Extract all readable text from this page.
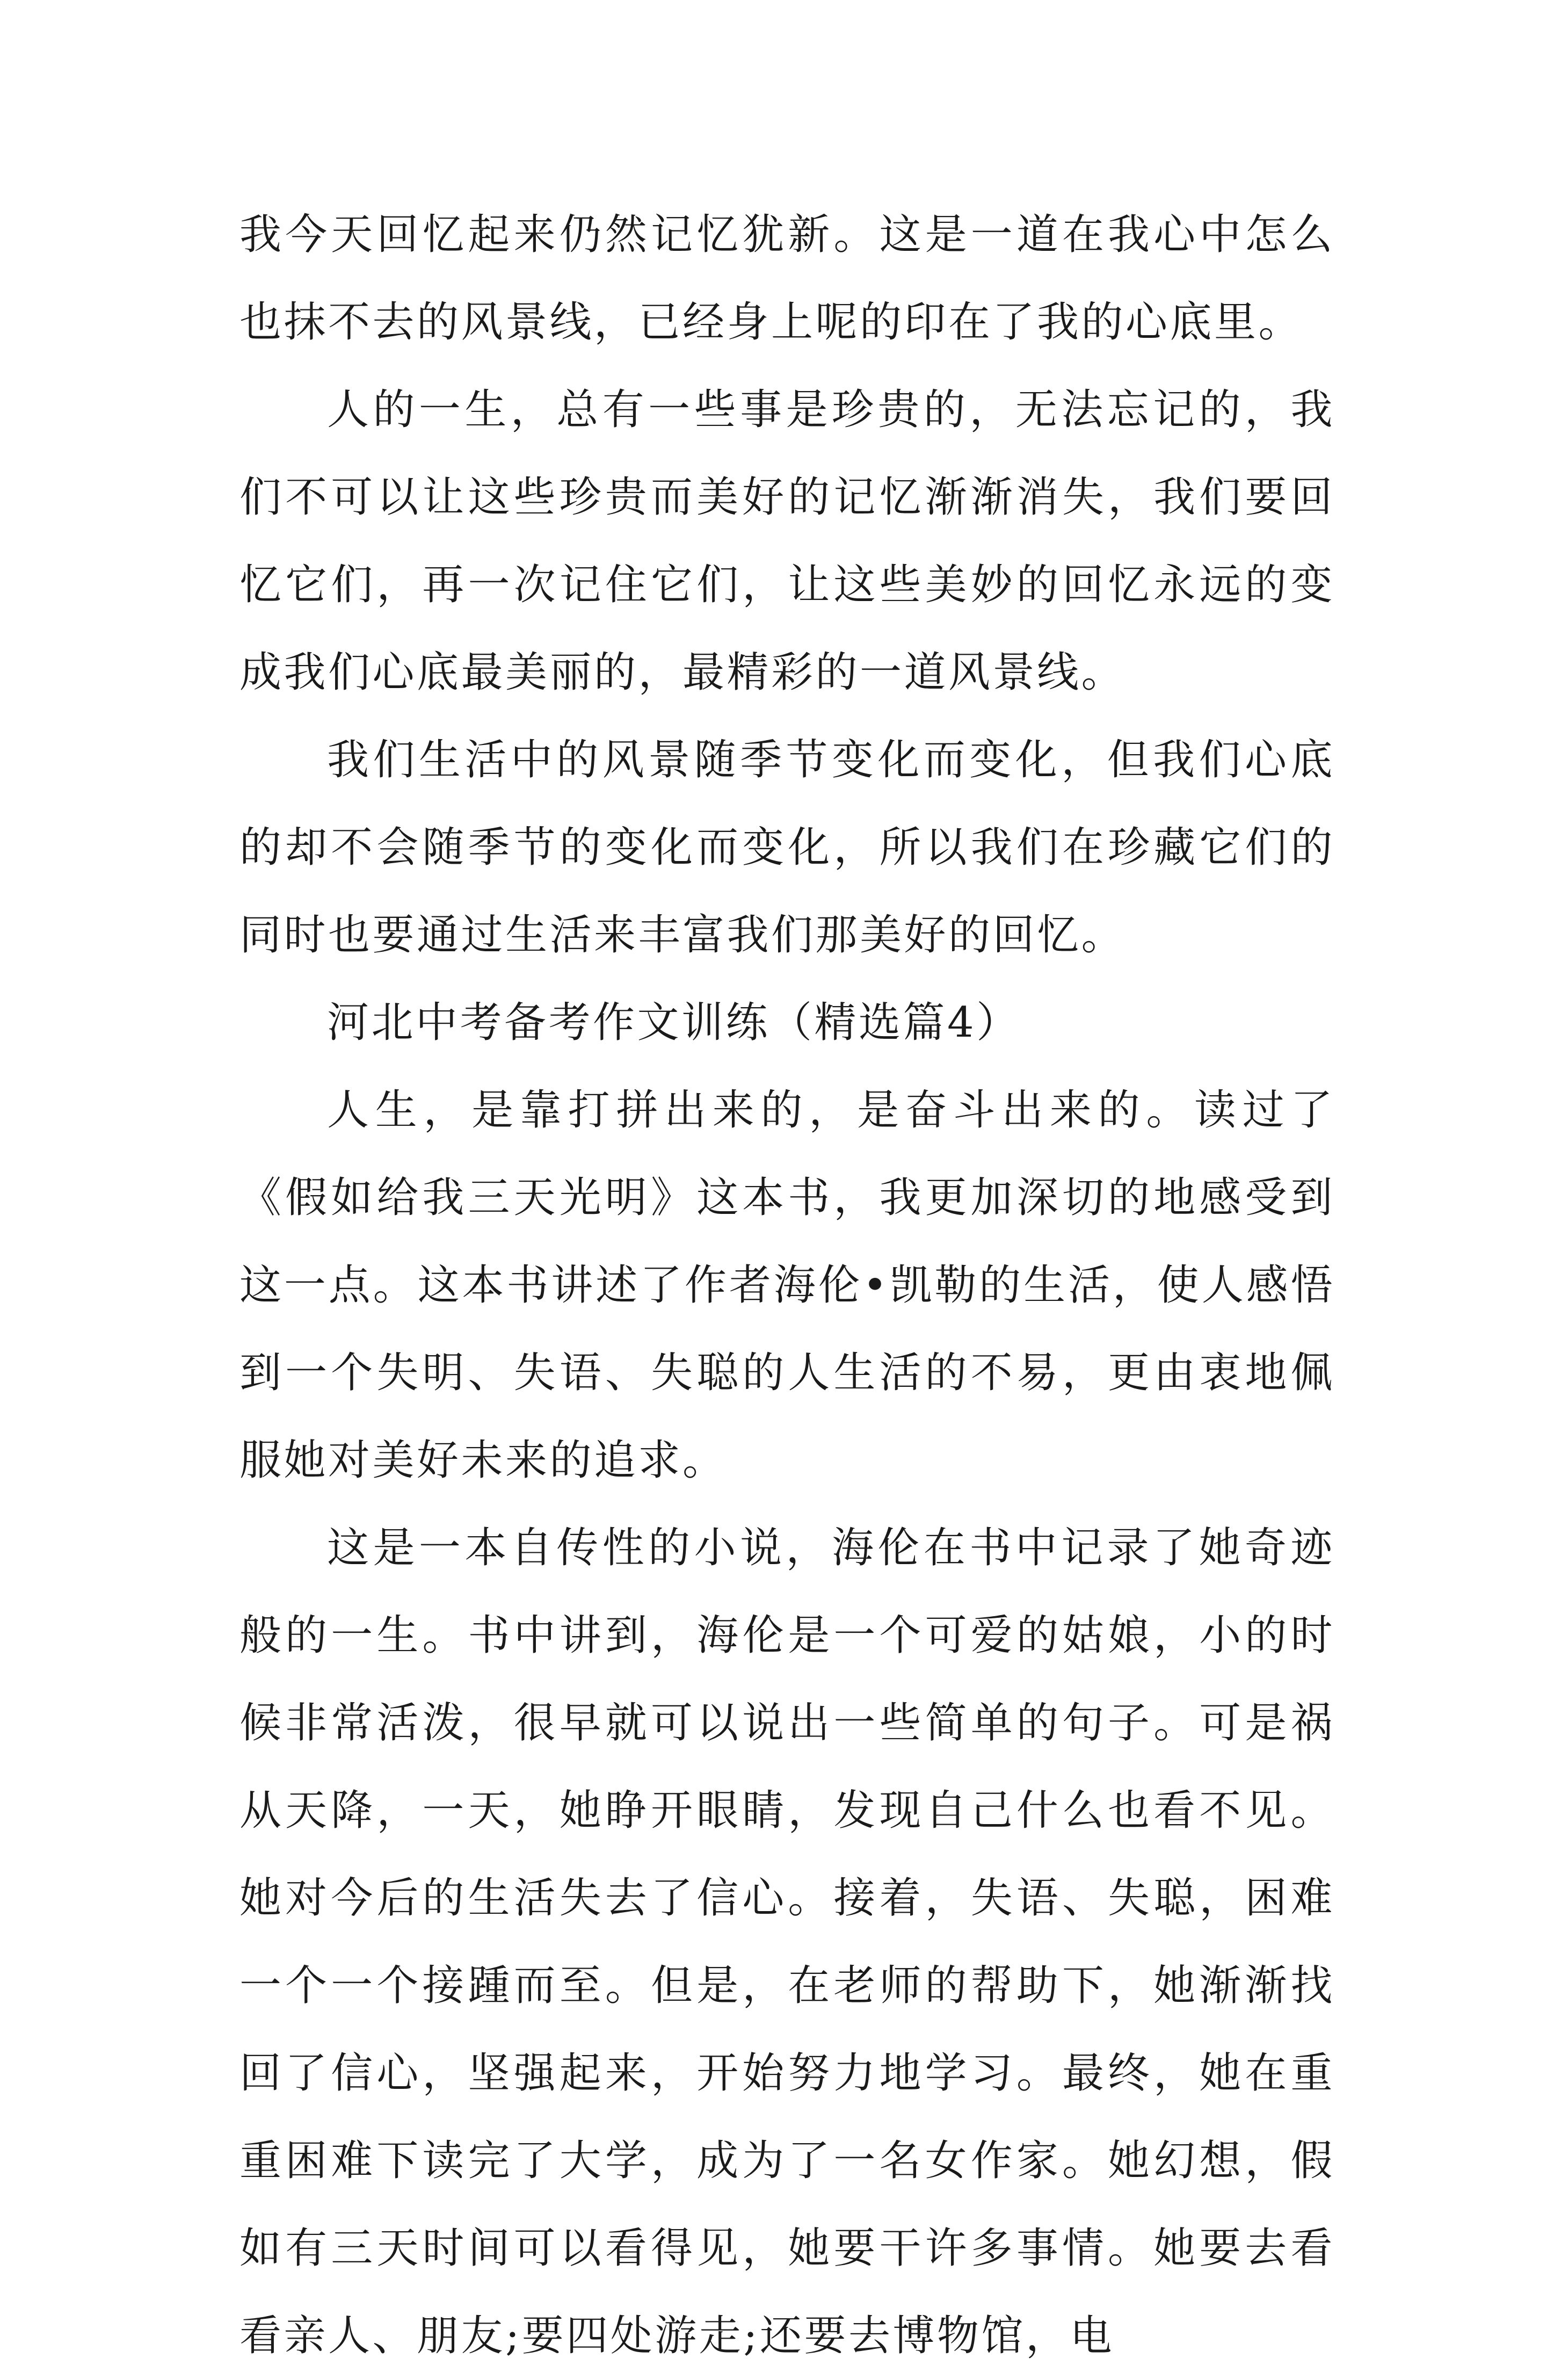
我今天回忆起来仍然记忆犹新。这是一道在我心中怎么也抹不去的风景线，已经身上呢的印在了我的心底里。

人的一生，总有一些事是珍贵的，无法忘记的，我们不可以让这些珍贵而美好的记忆渐渐消失，我们要回忆它们，再一次记住它们，让这些美妙的回忆永远的变成我们心底最美丽的，最精彩的一道风景线。

我们生活中的风景随季节变化而变化，但我们心底的却不会随季节的变化而变化，所以我们在珍藏它们的同时也要通过生活来丰富我们那美好的回忆。

河北中考备考作文训练（精选篇4）

人生，是靠打拼出来的，是奋斗出来的。读过了《假如给我三天光明》这本书，我更加深切的地感受到这一点。这本书讲述了作者海伦•凯勒的生活，使人感悟到一个失明、失语、失聪的人生活的不易，更由衷地佩服她对美好未来的追求。

这是一本自传性的小说，海伦在书中记录了她奇迹般的一生。书中讲到，海伦是一个可爱的姑娘，小的时候非常活泼，很早就可以说出一些简单的句子。可是祸从天降，一天，她睁开眼睛，发现自己什么也看不见。她对今后的生活失去了信心。接着，失语、失聪，困难一个一个接踵而至。但是，在老师的帮助下，她渐渐找回了信心，坚强起来，开始努力地学习。最终，她在重重困难下读完了大学，成为了一名女作家。她幻想，假如有三天时间可以看得见，她要干许多事情。她要去看看亲人、朋友;要四处游走;还要去博物馆，电
